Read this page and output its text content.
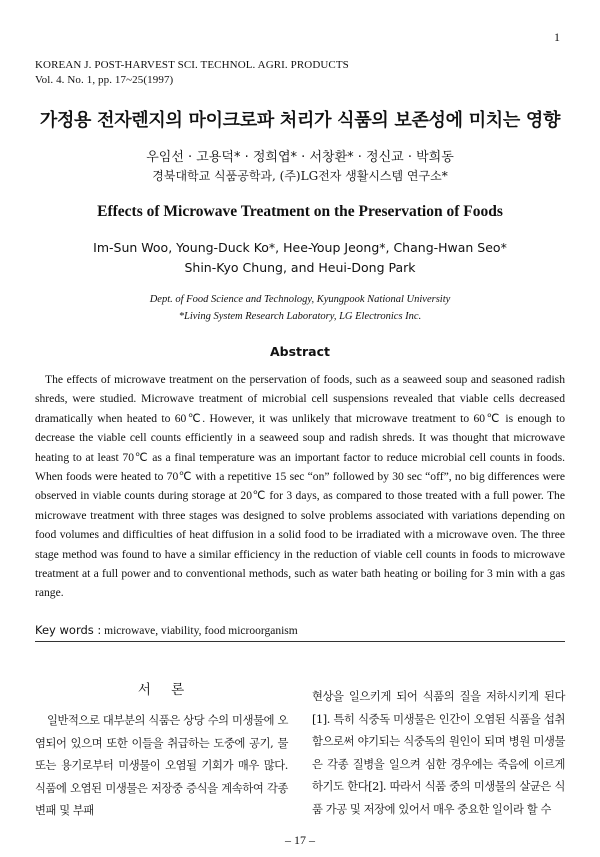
1
KOREAN J. POST-HARVEST SCI. TECHNOL. AGRI. PRODUCTS
Vol. 4. No. 1, pp. 17~25(1997)
가정용 전자렌지의 마이크로파 처리가 식품의 보존성에 미치는 영향
우임선 · 고용덕* · 정희엽* · 서창환* · 정신교 · 박희동
경북대학교 식품공학과, (주)LG전자 생활시스템 연구소*
Effects of Microwave Treatment on the Preservation of Foods
Im-Sun Woo, Young-Duck Ko*, Hee-Youp Jeong*, Chang-Hwan Seo*
Shin-Kyo Chung, and Heui-Dong Park
Dept. of Food Science and Technology, Kyungpook National University
*Living System Research Laboratory, LG Electronics Inc.
Abstract
The effects of microwave treatment on the perservation of foods, such as a seaweed soup and seasoned radish shreds, were studied. Microwave treatment of microbial cell suspensions revealed that viable cells decreased dramatically when heated to 60℃. However, it was unlikely that microwave treatment to 60℃ is enough to decrease the viable cell counts efficiently in a seaweed soup and radish shreds. It was thought that microwave heating to at least 70℃ as a final temperature was an important factor to reduce microbial cell counts in foods. When foods were heated to 70℃ with a repetitive 15 sec “on” followed by 30 sec “off”, no big differences were observed in viable counts during storage at 20℃ for 3 days, as compared to those treated with a full power. The microwave treatment with three stages was designed to solve problems associated with variations depending on food volumes and difficulties of heat diffusion in a solid food to be irradiated with a microwave oven. The three stage method was found to have a similar efficiency in the reduction of viable cell counts in foods to microwave treatment at a full power and to conventional methods, such as water bath heating or boiling for 3 min with a gas range.
Key words : microwave, viability, food microorganism
서 론
일반적으로 대부분의 식품은 상당 수의 미생물에 오염되어 있으며 또한 이들을 취급하는 도중에 공기, 물 또는 용기로부터 미생물이 오염될 기회가 매우 많다. 식품에 오염된 미생물은 저장중 증식을 계속하여 각종 변패 및 부패
현상을 일으키게 되어 식품의 질을 저하시키게 된다[1]. 특히 식중독 미생물은 인간이 오염된 식품을 섭취함으로써 야기되는 식중독의 원인이 되며 병원 미생물은 각종 질병을 일으켜 심한 경우에는 죽음에 이르게 하기도 한다[2]. 따라서 식품 중의 미생물의 살균은 식품 가공 및 저장에 있어서 매우 중요한 일이라 할 수
– 17 –
